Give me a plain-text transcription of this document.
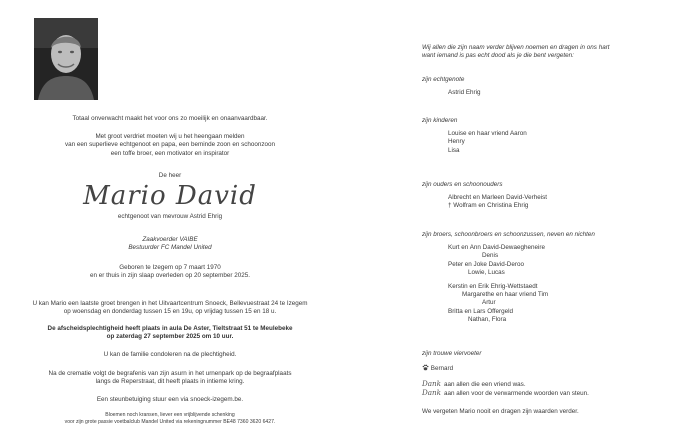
Totaal onverwacht maakt het voor ons zo moeilijk en onaanvaardbaar.
Met groot verdriet moeten wij u het heengaan melden
van een superlieve echtgenoot en papa, een beminde zoon en schoonzoon
een toffe broer, een motivator en inspirator
De heer
Mario David
echtgenoot van mevrouw Astrid Ehrig
Zaakvoerder VAIBE
Bestuurder FC Mandel United
Geboren te Izegem op 7 maart 1970
en er thuis in zijn slaap overleden op 20 september 2025.
U kan Mario een laatste groet brengen in het Uitvaartcentrum Snoeck, Bellevuestraat 24 te Izegem
op woensdag en donderdag tussen 15 en 19u, op vrijdag tussen 15 en 18 u.
De afscheidsplechtigheid heeft plaats in aula De Aster, Tieltstraat 51 te Meulebeke
op zaterdag 27 september 2025 om 10 uur.
U kan de familie condoleren na de plechtigheid.
Na de crematie volgt de begrafenis van zijn asurn in het urnenpark op de begraafplaats
langs de Reperstraat, dit heeft plaats in intieme kring.
Een steunbetuiging stuur een via snoeck-izegem.be.
Bloemen noch kransen, liever een vrijblijvende schenking
voor zijn grote passie voetbalclub Mandel United via rekeningnummer BE48 7360 3620 6427.
Wij allen die zijn naam verder blijven noemen en dragen in ons hart
want iemand is pas echt dood als je die bent vergeten:
zijn echtgenote
Astrid Ehrig
zijn kinderen
Louise en haar vriend Aaron
Henry
Lisa
zijn ouders en schoonouders
Albrecht en Marleen David-Verheist
† Wolfram en Christina Ehrig
zijn broers, schoonbroers en schoonzussen, neven en nichten
Kurt en Ann David-Dewaegheneire
Denis
Peter en Joke David-Deroo
Lowie, Lucas
Kerstin en Erik Ehrig-Wettstaedt
Margarethe en haar vriend Tim
Artur
Britta en Lars Offergeld
Nathan, Flora
zijn trouwe viervoeter
Bernard
Dank aan allen die een vriend was.
Dank aan allen voor de verwarmende woorden van steun.
We vergeten Mario nooit en dragen zijn waarden verder.
